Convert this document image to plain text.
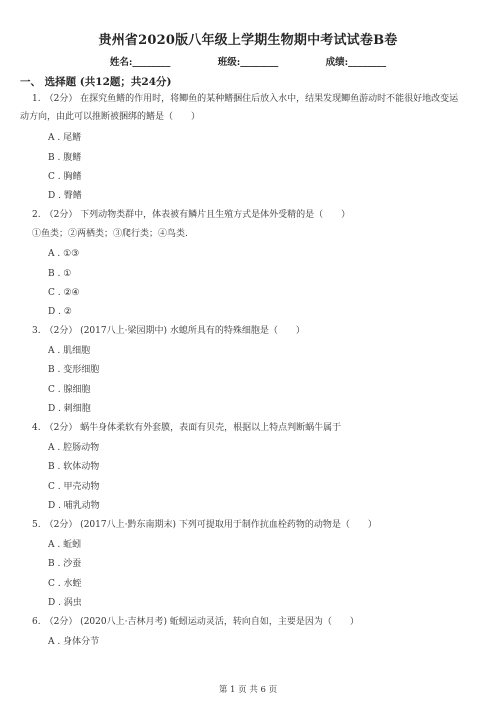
贵州省2020版八年级上学期生物期中考试试卷B卷
姓名:________	班级:________	成绩:________
一、 选择题 (共12题；共24分)
1. （2分） 在探究鱼鳍的作用时，将鲫鱼的某种鳍捆住后放入水中，结果发现鲫鱼游动时不能很好地改变运
动方向，由此可以推断被捆绑的鳍是（　　）
A . 尾鳍
B . 腹鳍
C . 胸鳍
D . 臀鳍
2. （2分） 下列动物类群中，体表被有鳞片且生殖方式是体外受精的是（　　）
①鱼类；②两栖类；③爬行类；④鸟类.
A . ①③
B . ①
C . ②④
D . ②
3. （2分） (2017八上·梁园期中) 水螅所具有的特殊细胞是（　　）
A . 肌细胞
B . 变形细胞
C . 腺细胞
D . 刺细胞
4. （2分） 蜗牛身体柔软有外套膜，表面有贝壳，根据以上特点判断蜗牛属于
A . 腔肠动物
B . 软体动物
C . 甲壳动物
D . 哺乳动物
5. （2分） (2017八上·黔东南期末) 下列可提取用于制作抗血栓药物的动物是（　　）
A . 蚯蚓
B . 沙蚕
C . 水蛭
D . 涡虫
6. （2分） (2020八上·吉林月考) 蚯蚓运动灵活，转向自如，主要是因为（　　）
A . 身体分节
第 1 页 共 6 页
